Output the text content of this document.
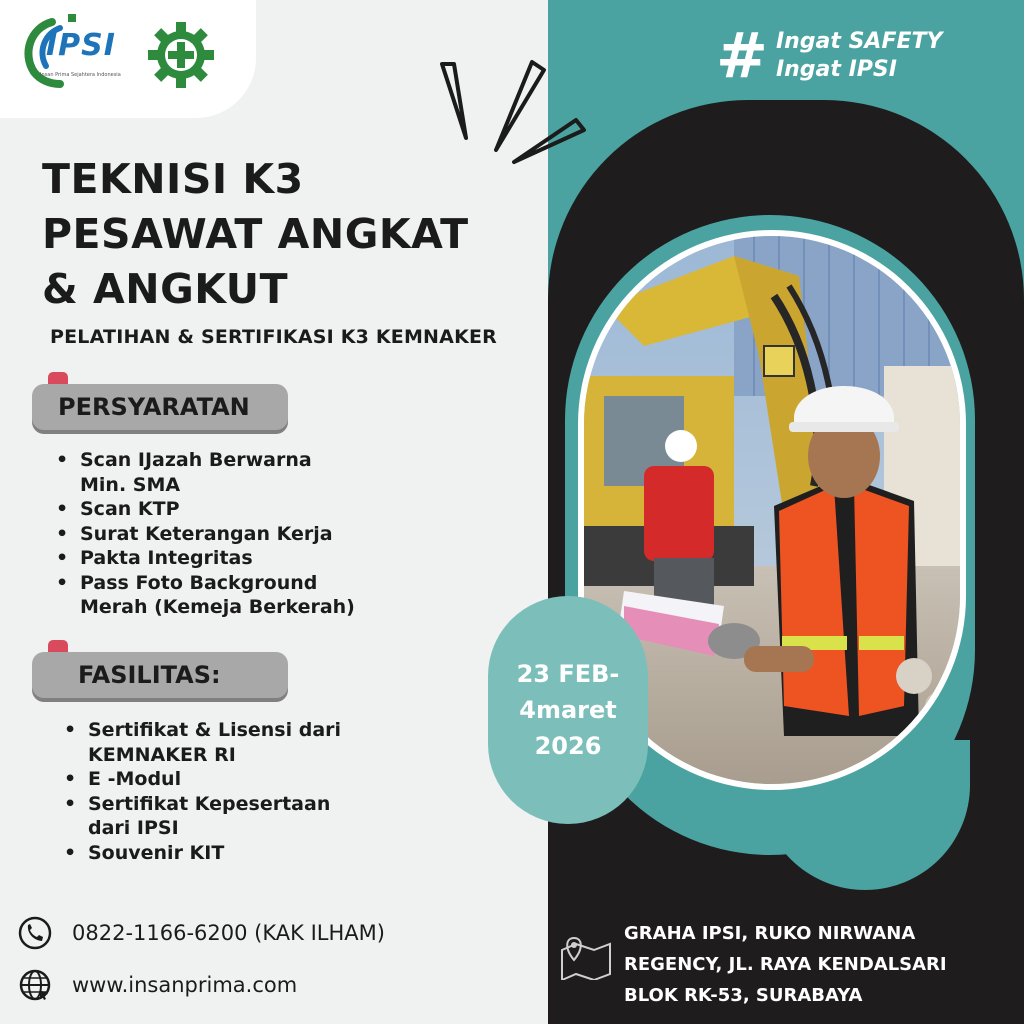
23 FEB-
4maret
2026
IPSI
Insan Prima Sejahtera Indonesia	# Ingat SAFETY
Ingat IPSI
TEKNISI K3
PESAWAT ANGKAT
& ANGKUT
PELATIHAN & SERTIFIKASI K3 KEMNAKER
PERSYARATAN
• Scan IJazah Berwarna
Min. SMA
• Scan KTP
• Surat Keterangan Kerja
• Pakta Integritas
• Pass Foto Background
Merah (Kemeja Berkerah)
FASILITAS:
• Sertifikat & Lisensi dari
KEMNAKER RI
• E -Modul
• Sertifikat Kepesertaan
dari IPSI
• Souvenir KIT
0822-1166-6200 (KAK ILHAM)
www.insanprima.com
GRAHA IPSI, RUKO NIRWANA
REGENCY, JL. RAYA KENDALSARI
BLOK RK-53, SURABAYA
